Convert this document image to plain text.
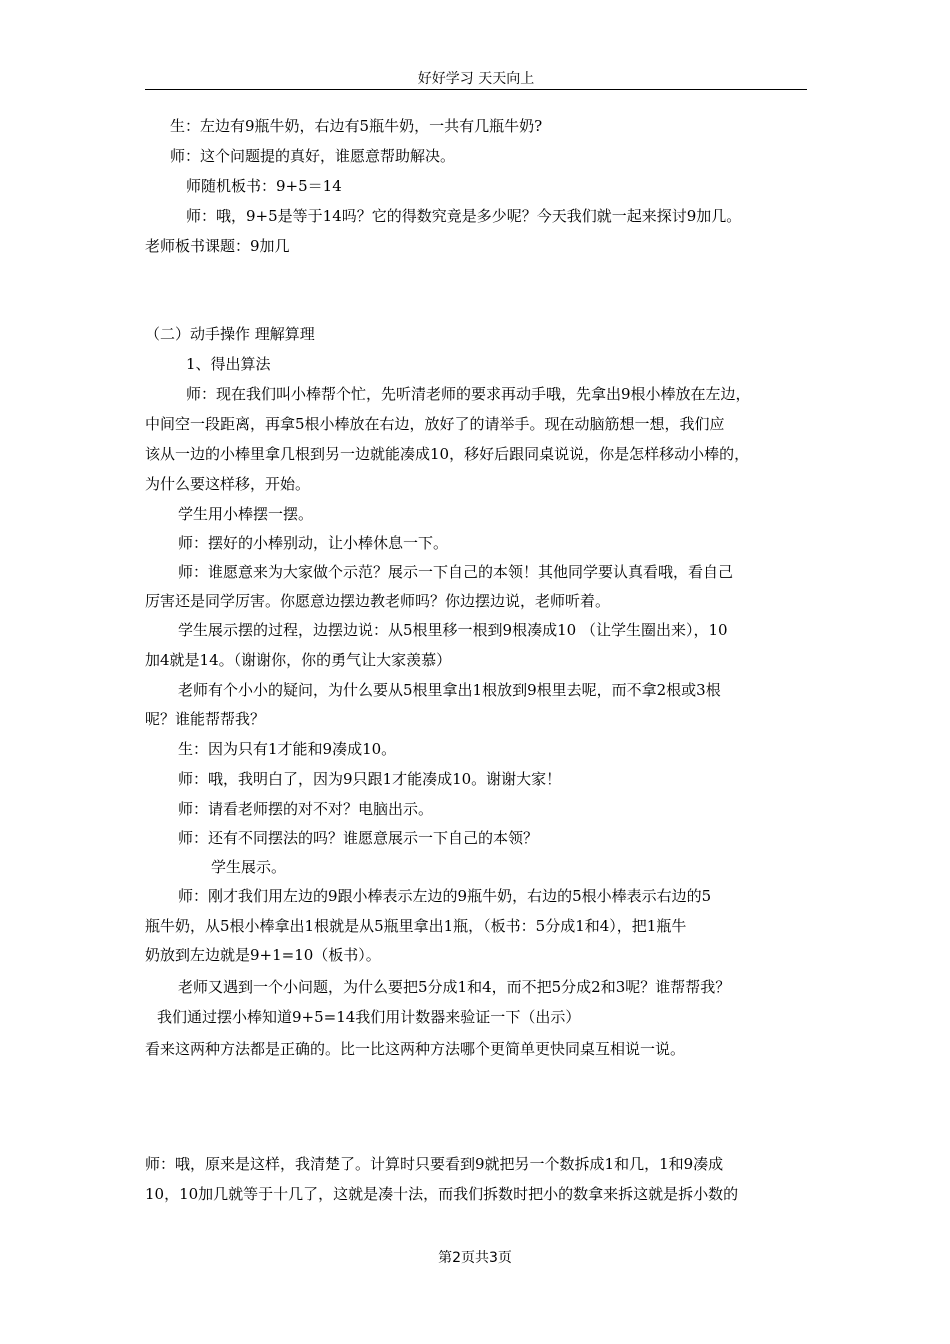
好好学习 天天向上
生：左边有9瓶牛奶，右边有5瓶牛奶，一共有几瓶牛奶?
师：这个问题提的真好，谁愿意帮助解决。
师随机板书：9+5＝14
师：哦，9+5是等于14吗？它的得数究竟是多少呢？今天我们就一起来探讨9加几。
老师板书课题：9加几
（二）动手操作 理解算理
1、得出算法
师：现在我们叫小棒帮个忙，先听清老师的要求再动手哦，先拿出9根小棒放在左边，
中间空一段距离，再拿5根小棒放在右边，放好了的请举手。现在动脑筋想一想，我们应
该从一边的小棒里拿几根到另一边就能凑成10，移好后跟同桌说说，你是怎样移动小棒的，
为什么要这样移，开始。
学生用小棒摆一摆。
师：摆好的小棒别动，让小棒休息一下。
师：谁愿意来为大家做个示范？展示一下自己的本领！其他同学要认真看哦，看自己
厉害还是同学厉害。你愿意边摆边教老师吗？你边摆边说，老师听着。
学生展示摆的过程，边摆边说：从5根里移一根到9根凑成10 （让学生圈出来），10
加4就是14。（谢谢你，你的勇气让大家羡慕）
老师有个小小的疑问，为什么要从5根里拿出1根放到9根里去呢，而不拿2根或3根
呢？谁能帮帮我？
生：因为只有1才能和9凑成10。
师：哦，我明白了，因为9只跟1才能凑成10。谢谢大家！
师：请看老师摆的对不对？电脑出示。
师：还有不同摆法的吗？谁愿意展示一下自己的本领？
学生展示。
师：刚才我们用左边的9跟小棒表示左边的9瓶牛奶，右边的5根小棒表示右边的5
瓶牛奶，从5根小棒拿出1根就是从5瓶里拿出1瓶，（板书：5分成1和4），把1瓶牛
奶放到左边就是9+1=10（板书）。
老师又遇到一个小问题，为什么要把5分成1和4，而不把5分成2和3呢？谁帮帮我？
我们通过摆小棒知道9+5=14我们用计数器来验证一下（出示）
看来这两种方法都是正确的。比一比这两种方法哪个更简单更快同桌互相说一说。
师：哦，原来是这样，我清楚了。计算时只要看到9就把另一个数拆成1和几，1和9凑成
10，10加几就等于十几了，这就是凑十法，而我们拆数时把小的数拿来拆这就是拆小数的
第2页共3页
